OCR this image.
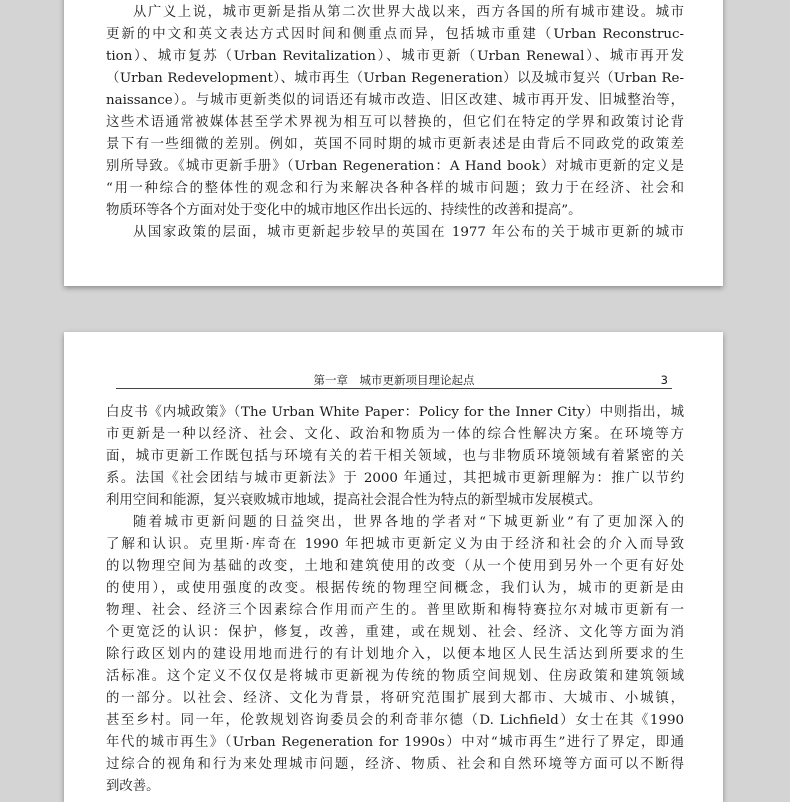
从广义上说，城市更新是指从第二次世界大战以来，西方各国的所有城市建设。城市
更新的中文和英文表达方式因时间和侧重点而异，包括城市重建（Urban Reconstruc-
tion）、城市复苏（Urban Revitalization）、城市更新（Urban Renewal）、城市再开发
（Urban Redevelopment）、城市再生（Urban Regeneration）以及城市复兴（Urban Re-
naissance）。与城市更新类似的词语还有城市改造、旧区改建、城市再开发、旧城整治等，
这些术语通常被媒体甚至学术界视为相互可以替换的，但它们在特定的学界和政策讨论背
景下有一些细微的差别。例如，英国不同时期的城市更新表述是由背后不同政党的政策差
别所导致。《城市更新手册》（Urban Regeneration：A Hand book）对城市更新的定义是
“用一种综合的整体性的观念和行为来解决各种各样的城市问题；致力于在经济、社会和
物质环等各个方面对处于变化中的城市地区作出长远的、持续性的改善和提高”。
从国家政策的层面，城市更新起步较早的英国在 1977 年公布的关于城市更新的城市
第一章　城市更新项目理论起点	3
白皮书《内城政策》（The Urban White Paper：Policy for the Inner City）中则指出，城
市更新是一种以经济、社会、文化、政治和物质为一体的综合性解决方案。在环境等方
面，城市更新工作既包括与环境有关的若干相关领域，也与非物质环境领域有着紧密的关
系。法国《社会团结与城市更新法》于 2000 年通过，其把城市更新理解为：推广以节约
利用空间和能源，复兴衰败城市地域，提高社会混合性为特点的新型城市发展模式。
随着城市更新问题的日益突出，世界各地的学者对“下城更新业”有了更加深入的
了解和认识。克里斯·库奇在 1990 年把城市更新定义为由于经济和社会的介入而导致
的以物理空间为基础的改变，土地和建筑使用的改变（从一个使用到另外一个更有好处
的使用），或使用强度的改变。根据传统的物理空间概念，我们认为，城市的更新是由
物理、社会、经济三个因素综合作用而产生的。普里欧斯和梅特赛拉尔对城市更新有一
个更宽泛的认识：保护，修复，改善，重建，或在规划、社会、经济、文化等方面为消
除行政区划内的建设用地而进行的有计划地介入，以便本地区人民生活达到所要求的生
活标准。这个定义不仅仅是将城市更新视为传统的物质空间规划、住房政策和建筑领域
的一部分。以社会、经济、文化为背景，将研究范围扩展到大都市、大城市、小城镇，
甚至乡村。同一年，伦敦规划咨询委员会的利奇菲尔德（D. Lichfield）女士在其《1990
年代的城市再生》（Urban Regeneration for 1990s）中对“城市再生”进行了界定，即通
过综合的视角和行为来处理城市问题，经济、物质、社会和自然环境等方面可以不断得
到改善。
